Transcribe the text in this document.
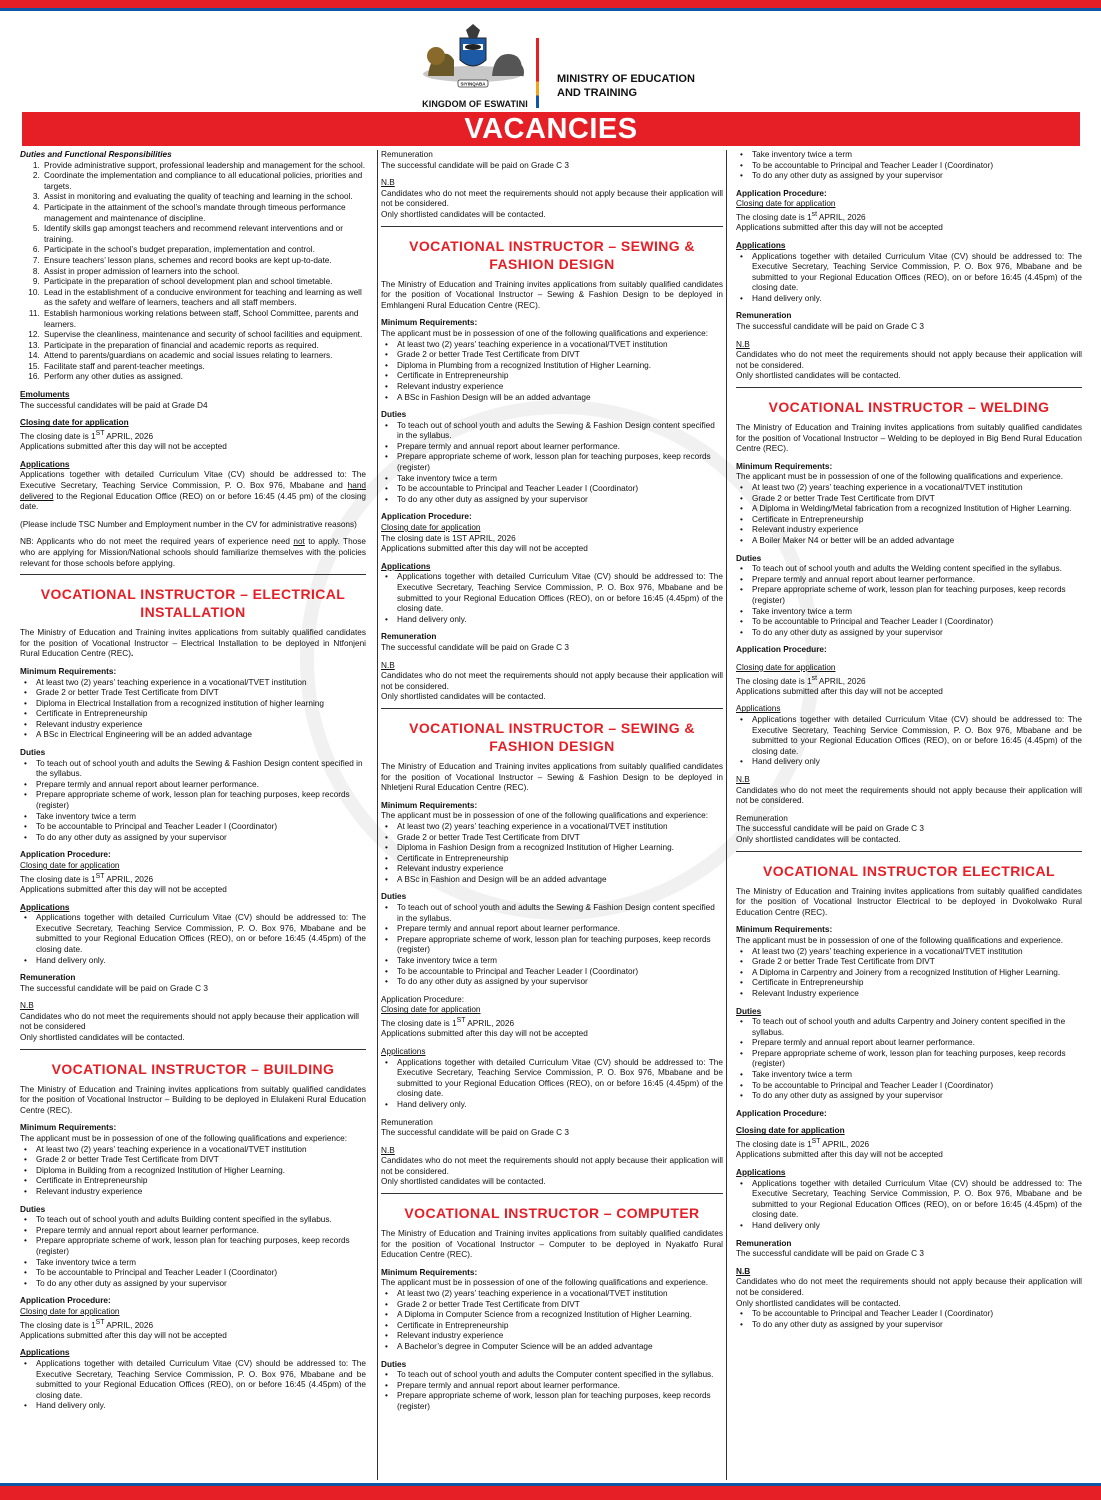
SIYINQABA
KINGDOM OF ESWATINI
MINISTRY OF EDUCATION
AND TRAINING
VACANCIES
Duties and Functional Responsibilities
1. Provide administrative support, professional leadership and management for the school.
2. Coordinate the implementation and compliance to all educational policies, priorities and targets.
3. Assist in monitoring and evaluating the quality of teaching and learning in the school.
4. Participate in the attainment of the school’s mandate through timeous performance management and maintenance of discipline.
5. Identify skills gap amongst teachers and recommend relevant interventions and or training.
6. Participate in the school’s budget preparation, implementation and control.
7. Ensure teachers’ lesson plans, schemes and record books are kept up-to-date.
8. Assist in proper admission of learners into the school.
9. Participate in the preparation of school development plan and school timetable.
10. Lead in the establishment of a conducive environment for teaching and learning as well as the safety and welfare of learners, teachers and all staff members.
11. Establish harmonious working relations between staff, School Committee, parents and learners.
12. Supervise the cleanliness, maintenance and security of school facilities and equipment.
13. Participate in the preparation of financial and academic reports as required.
14. Attend to parents/guardians on academic and social issues relating to learners.
15. Facilitate staff and parent-teacher meetings.
16. Perform any other duties as assigned.
Emoluments
The successful candidates will be paid at Grade D4
Closing date for application
The closing date is 1ST APRIL, 2026
Applications submitted after this day will not be accepted
Applications
Applications together with detailed Curriculum Vitae (CV) should be addressed to: The Executive Secretary, Teaching Service Commission, P. O. Box 976, Mbabane and hand delivered to the Regional Education Office (REO) on or before 16:45 (4.45 pm) of the closing date.
(Please include TSC Number and Employment number in the CV for administrative reasons)
NB: Applicants who do not meet the required years of experience need not to apply. Those who are applying for Mission/National schools should familiarize themselves with the policies relevant for those schools before applying.
VOCATIONAL INSTRUCTOR – ELECTRICAL INSTALLATION
The Ministry of Education and Training invites applications from suitably qualified candidates for the position of Vocational Instructor – Electrical Installation to be deployed in Ntfonjeni Rural Education Centre (REC).
Minimum Requirements:
• At least two (2) years’ teaching experience in a vocational/TVET institution
• Grade 2 or better Trade Test Certificate from DIVT
• Diploma in Electrical Installation from a recognized institution of higher learning
• Certificate in Entrepreneurship
• Relevant industry experience
• A BSc in Electrical Engineering will be an added advantage
Duties
• To teach out of school youth and adults the Sewing & Fashion Design content specified in the syllabus.
• Prepare termly and annual report about learner performance.
• Prepare appropriate scheme of work, lesson plan for teaching purposes, keep records (register)
• Take inventory twice a term
• To be accountable to Principal and Teacher Leader I (Coordinator)
• To do any other duty as assigned by your supervisor
Application Procedure:
Closing date for application
The closing date is 1ST APRIL, 2026
Applications submitted after this day will not be accepted
Applications
• Applications together with detailed Curriculum Vitae (CV) should be addressed to: The Executive Secretary, Teaching Service Commission, P. O. Box 976, Mbabane and be submitted to your Regional Education Offices (REO), on or before 16:45 (4.45pm) of the closing date.
• Hand delivery only.
Remuneration
The successful candidate will be paid on Grade C 3
N.B
Candidates who do not meet the requirements should not apply because their application will not be considered
Only shortlisted candidates will be contacted.
VOCATIONAL INSTRUCTOR – BUILDING
The Ministry of Education and Training invites applications from suitably qualified candidates for the position of Vocational Instructor – Building to be deployed in Elulakeni Rural Education Centre (REC).
Minimum Requirements:
The applicant must be in possession of one of the following qualifications and experience:
• At least two (2) years’ teaching experience in a vocational/TVET institution
• Grade 2 or better Trade Test Certificate from DIVT
• Diploma in Building from a recognized Institution of Higher Learning.
• Certificate in Entrepreneurship
• Relevant industry experience
Duties
• To teach out of school youth and adults Building content specified in the syllabus.
• Prepare termly and annual report about learner performance.
• Prepare appropriate scheme of work, lesson plan for teaching purposes, keep records (register)
• Take inventory twice a term
• To be accountable to Principal and Teacher Leader I (Coordinator)
• To do any other duty as assigned by your supervisor
Application Procedure:
Closing date for application
The closing date is 1ST APRIL, 2026
Applications submitted after this day will not be accepted
Applications
• Applications together with detailed Curriculum Vitae (CV) should be addressed to: The Executive Secretary, Teaching Service Commission, P. O. Box 976, Mbabane and be submitted to your Regional Education Offices (REO), on or before 16:45 (4.45pm) of the closing date.
• Hand delivery only.
Remuneration
The successful candidate will be paid on Grade C 3
N.B
Candidates who do not meet the requirements should not apply because their application will not be considered.
Only shortlisted candidates will be contacted.
VOCATIONAL INSTRUCTOR – SEWING & FASHION DESIGN
The Ministry of Education and Training invites applications from suitably qualified candidates for the position of Vocational Instructor – Sewing & Fashion Design to be deployed in Emhlangeni Rural Education Centre (REC).
Minimum Requirements:
The applicant must be in possession of one of the following qualifications and experience:
• At least two (2) years’ teaching experience in a vocational/TVET institution
• Grade 2 or better Trade Test Certificate from DIVT
• Diploma in Plumbing from a recognized Institution of Higher Learning.
• Certificate in Entrepreneurship
• Relevant industry experience
• A BSc in Fashion Design will be an added advantage
Duties
• To teach out of school youth and adults the Sewing & Fashion Design content specified in the syllabus.
• Prepare termly and annual report about learner performance.
• Prepare appropriate scheme of work, lesson plan for teaching purposes, keep records (register)
• Take inventory twice a term
• To be accountable to Principal and Teacher Leader I (Coordinator)
• To do any other duty as assigned by your supervisor
Application Procedure:
Closing date for application
The closing date is 1ST APRIL, 2026
Applications submitted after this day will not be accepted
Applications
• Applications together with detailed Curriculum Vitae (CV) should be addressed to: The Executive Secretary, Teaching Service Commission, P. O. Box 976, Mbabane and be submitted to your Regional Education Offices (REO), on or before 16:45 (4.45pm) of the closing date.
• Hand delivery only.
Remuneration
The successful candidate will be paid on Grade C 3
N.B
Candidates who do not meet the requirements should not apply because their application will not be considered.
Only shortlisted candidates will be contacted.
VOCATIONAL INSTRUCTOR – SEWING & FASHION DESIGN
The Ministry of Education and Training invites applications from suitably qualified candidates for the position of Vocational Instructor – Sewing & Fashion Design to be deployed in Nhletjeni Rural Education Centre (REC).
Minimum Requirements:
The applicant must be in possession of one of the following qualifications and experience:
• At least two (2) years’ teaching experience in a vocational/TVET institution
• Grade 2 or better Trade Test Certificate from DIVT
• Diploma in Fashion Design from a recognized Institution of Higher Learning.
• Certificate in Entrepreneurship
• Relevant industry experience
• A BSc in Fashion and Design will be an added advantage
Duties
• To teach out of school youth and adults the Sewing & Fashion Design content specified in the syllabus.
• Prepare termly and annual report about learner performance.
• Prepare appropriate scheme of work, lesson plan for teaching purposes, keep records (register)
• Take inventory twice a term
• To be accountable to Principal and Teacher Leader I (Coordinator)
• To do any other duty as assigned by your supervisor
Application Procedure:
Closing date for application
The closing date is 1ST APRIL, 2026
Applications submitted after this day will not be accepted
Applications
• Applications together with detailed Curriculum Vitae (CV) should be addressed to: The Executive Secretary, Teaching Service Commission, P. O. Box 976, Mbabane and be submitted to your Regional Education Offices (REO), on or before 16:45 (4.45pm) of the closing date.
• Hand delivery only.
Remuneration
The successful candidate will be paid on Grade C 3
N.B
Candidates who do not meet the requirements should not apply because their application will not be considered.
Only shortlisted candidates will be contacted.
VOCATIONAL INSTRUCTOR – COMPUTER
The Ministry of Education and Training invites applications from suitably qualified candidates for the position of Vocational Instructor – Computer to be deployed in Nyakatfo Rural Education Centre (REC).
Minimum Requirements:
The applicant must be in possession of one of the following qualifications and experience.
• At least two (2) years’ teaching experience in a vocational/TVET institution
• Grade 2 or better Trade Test Certificate from DIVT
• A Diploma in Computer Science from a recognized Institution of Higher Learning.
• Certificate in Entrepreneurship
• Relevant industry experience
• A Bachelor’s degree in Computer Science will be an added advantage
Duties
• To teach out of school youth and adults the Computer content specified in the syllabus.
• Prepare termly and annual report about learner performance.
• Prepare appropriate scheme of work, lesson plan for teaching purposes, keep records (register)
• Take inventory twice a term
• To be accountable to Principal and Teacher Leader I (Coordinator)
• To do any other duty as assigned by your supervisor
Application Procedure:
Closing date for application
The closing date is 1st APRIL, 2026
Applications submitted after this day will not be accepted
Applications
• Applications together with detailed Curriculum Vitae (CV) should be addressed to: The Executive Secretary, Teaching Service Commission, P. O. Box 976, Mbabane and be submitted to your Regional Education Offices (REO), on or before 16:45 (4.45pm) of the closing date.
• Hand delivery only.
Remuneration
The successful candidate will be paid on Grade C 3
N.B
Candidates who do not meet the requirements should not apply because their application will not be considered.
Only shortlisted candidates will be contacted.
VOCATIONAL INSTRUCTOR – WELDING
The Ministry of Education and Training invites applications from suitably qualified candidates for the position of Vocational Instructor – Welding to be deployed in Big Bend Rural Education Centre (REC).
Minimum Requirements:
The applicant must be in possession of one of the following qualifications and experience.
• At least two (2) years’ teaching experience in a vocational/TVET institution
• Grade 2 or better Trade Test Certificate from DIVT
• A Diploma in Welding/Metal fabrication from a recognized Institution of Higher Learning.
• Certificate in Entrepreneurship
• Relevant industry experience
• A Boiler Maker N4 or better will be an added advantage
Duties
• To teach out of school youth and adults the Welding content specified in the syllabus.
• Prepare termly and annual report about learner performance.
• Prepare appropriate scheme of work, lesson plan for teaching purposes, keep records (register)
• Take inventory twice a term
• To be accountable to Principal and Teacher Leader I (Coordinator)
• To do any other duty as assigned by your supervisor
Application Procedure:
Closing date for application
The closing date is 1st APRIL, 2026
Applications submitted after this day will not be accepted
Applications
• Applications together with detailed Curriculum Vitae (CV) should be addressed to: The Executive Secretary, Teaching Service Commission, P. O. Box 976, Mbabane and be submitted to your Regional Education Offices (REO), on or before 16:45 (4.45pm) of the closing date.
• Hand delivery only
N.B
Candidates who do not meet the requirements should not apply because their application will not be considered.
Remuneration
The successful candidate will be paid on Grade C 3
Only shortlisted candidates will be contacted.
VOCATIONAL INSTRUCTOR ELECTRICAL
The Ministry of Education and Training invites applications from suitably qualified candidates for the position of Vocational Instructor Electrical to be deployed in Dvokolwako Rural Education Centre (REC).
Minimum Requirements:
The applicant must be in possession of one of the following qualifications and experience.
• At least two (2) years’ teaching experience in a vocational/TVET institution
• Grade 2 or better Trade Test Certificate from DIVT
• A Diploma in Carpentry and Joinery from a recognized Institution of Higher Learning.
• Certificate in Entrepreneurship
• Relevant Industry experience
Duties
• To teach out of school youth and adults Carpentry and Joinery content specified in the syllabus.
• Prepare termly and annual report about learner performance.
• Prepare appropriate scheme of work, lesson plan for teaching purposes, keep records (register)
• Take inventory twice a term
• To be accountable to Principal and Teacher Leader I (Coordinator)
• To do any other duty as assigned by your supervisor
Application Procedure:
Closing date for application
The closing date is 1ST APRIL, 2026
Applications submitted after this day will not be accepted
Applications
• Applications together with detailed Curriculum Vitae (CV) should be addressed to: The Executive Secretary, Teaching Service Commission, P. O. Box 976, Mbabane and be submitted to your Regional Education Offices (REO), on or before 16:45 (4.45pm) of the closing date.
• Hand delivery only
Remuneration
The successful candidate will be paid on Grade C 3
N.B
Candidates who do not meet the requirements should not apply because their application will not be considered.
Only shortlisted candidates will be contacted.
• To be accountable to Principal and Teacher Leader I (Coordinator)
• To do any other duty as assigned by your supervisor
